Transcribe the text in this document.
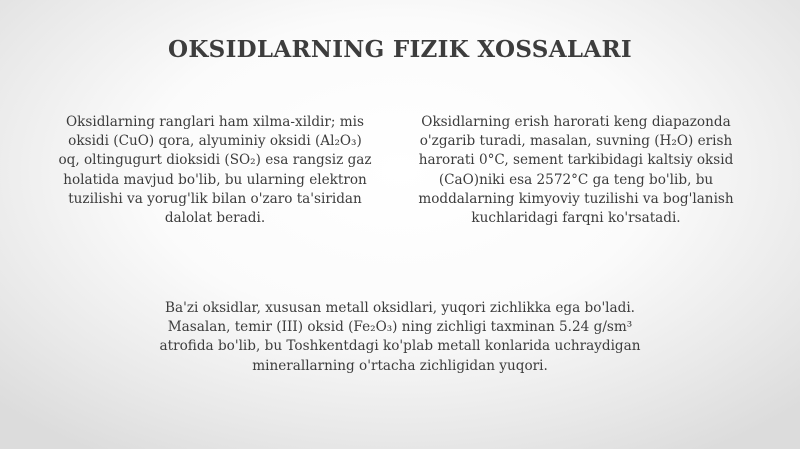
OKSIDLARNING FIZIK XOSSALARI
Oksidlarning ranglari ham xilma-xildir; mis
oksidi (CuO) qora, alyuminiy oksidi (Al₂O₃)
oq, oltingugurt dioksidi (SO₂) esa rangsiz gaz
holatida mavjud bo'lib, bu ularning elektron
tuzilishi va yorug'lik bilan o'zaro ta'siridan
dalolat beradi.
Oksidlarning erish harorati keng diapazonda
o'zgarib turadi, masalan, suvning (H₂O) erish
harorati 0°C, sement tarkibidagi kaltsiy oksid
(CaO)niki esa 2572°C ga teng bo'lib, bu
moddalarning kimyoviy tuzilishi va bog'lanish
kuchlaridagi farqni ko'rsatadi.
Ba'zi oksidlar, xususan metall oksidlari, yuqori zichlikka ega bo'ladi.
Masalan, temir (III) oksid (Fe₂O₃) ning zichligi taxminan 5.24 g/sm³
atrofida bo'lib, bu Toshkentdagi ko'plab metall konlarida uchraydigan
minerallarning o'rtacha zichligidan yuqori.
